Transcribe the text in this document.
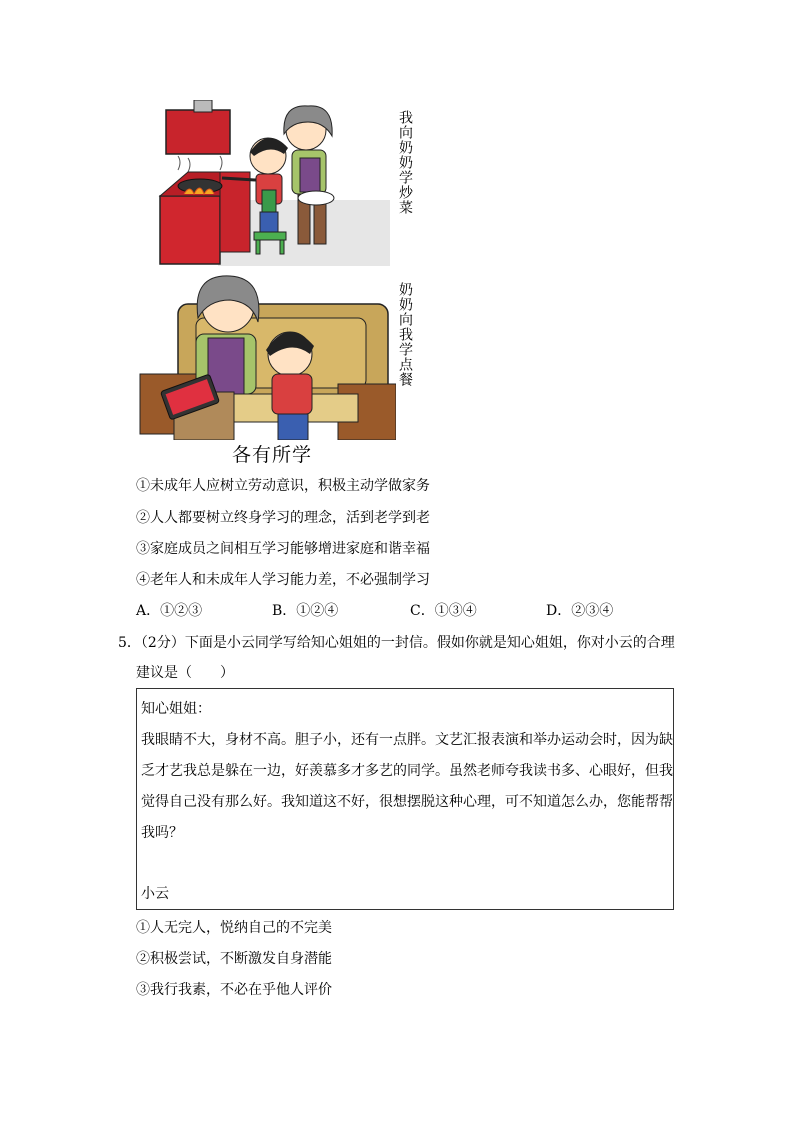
我向奶奶学炒菜
奶奶向我学点餐
各有所学
①未成年人应树立劳动意识，积极主动学做家务
②人人都要树立终身学习的理念，活到老学到老
③家庭成员之间相互学习能够增进家庭和谐幸福
④老年人和未成年人学习能力差，不必强制学习
A．①②③	B．①②④	C．①③④	D．②③④
5．（2分）下面是小云同学写给知心姐姐的一封信。假如你就是知心姐姐，你对小云的合理
建议是（　　）
知心姐姐：
我眼睛不大，身材不高。胆子小，还有一点胖。文艺汇报表演和举办运动会时，因为缺
乏才艺我总是躲在一边，好羡慕多才多艺的同学。虽然老师夸我读书多、心眼好，但我
觉得自己没有那么好。我知道这不好，很想摆脱这种心理，可不知道怎么办，您能帮帮
我吗？
小云
①人无完人，悦纳自己的不完美
②积极尝试，不断激发自身潜能
③我行我素，不必在乎他人评价
